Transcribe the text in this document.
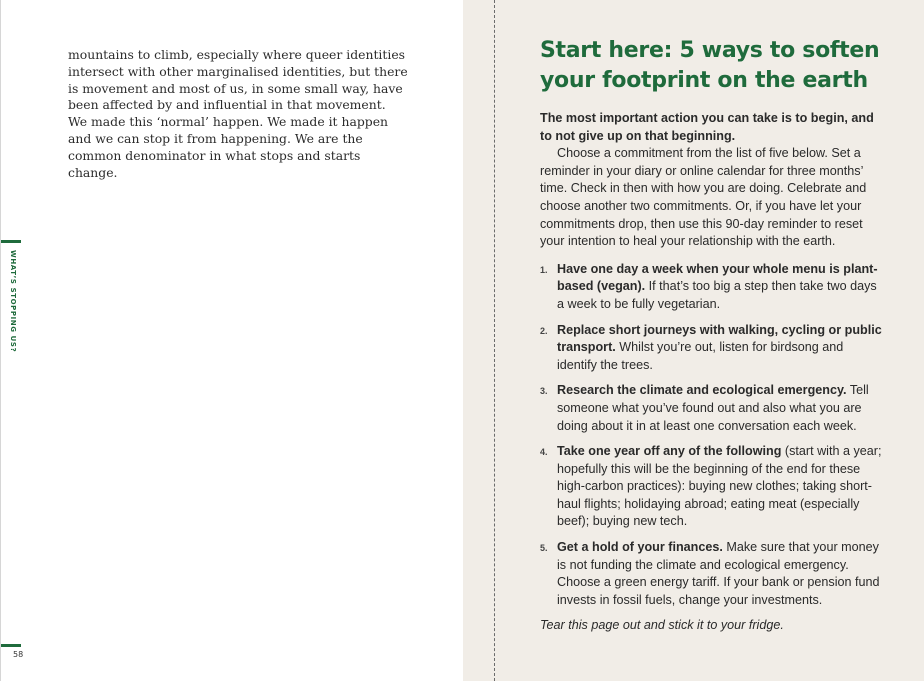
mountains to climb, especially where queer identities intersect with other marginalised identities, but there is movement and most of us, in some small way, have been affected by and influential in that movement. We made this ‘normal’ happen. We made it happen and we can stop it from happening. We are the common denominator in what stops and starts change.

WHAT’S STOPPING US?
58
Start here: 5 ways to soften your footprint on the earth

The most important action you can take is to begin, and to not give up on that beginning.

Choose a commitment from the list of five below. Set a reminder in your diary or online calendar for three months’ time. Check in then with how you are doing. Celebrate and choose another two commitments. Or, if you have let your commitments drop, then use this 90-day reminder to reset your intention to heal your relationship with the earth.

1. Have one day a week when your whole menu is plant-based (vegan). If that’s too big a step then take two days a week to be fully vegetarian.
2. Replace short journeys with walking, cycling or public transport. Whilst you’re out, listen for birdsong and identify the trees.
3. Research the climate and ecological emergency. Tell someone what you’ve found out and also what you are doing about it in at least one conversation each week.
4. Take one year off any of the following (start with a year; hopefully this will be the beginning of the end for these high-carbon practices): buying new clothes; taking short-haul flights; holidaying abroad; eating meat (especially beef); buying new tech.
5. Get a hold of your finances. Make sure that your money is not funding the climate and ecological emergency. Choose a green energy tariff. If your bank or pension fund invests in fossil fuels, change your investments.

Tear this page out and stick it to your fridge.
